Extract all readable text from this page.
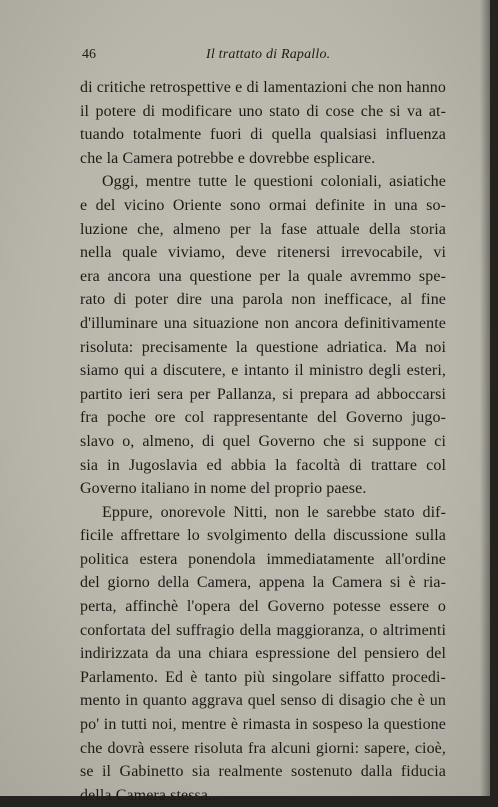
46	Il trattato di Rapallo.
di critiche retrospettive e di lamentazioni che non hanno
il potere di modificare uno stato di cose che si va at-
tuando totalmente fuori di quella qualsiasi influenza
che la Camera potrebbe e dovrebbe esplicare.
Oggi, mentre tutte le questioni coloniali, asiatiche
e del vicino Oriente sono ormai definite in una so-
luzione che, almeno per la fase attuale della storia
nella quale viviamo, deve ritenersi irrevocabile, vi
era ancora una questione per la quale avremmo spe-
rato di poter dire una parola non inefficace, al fine
d'illuminare una situazione non ancora definitivamente
risoluta: precisamente la questione adriatica. Ma noi
siamo qui a discutere, e intanto il ministro degli esteri,
partito ieri sera per Pallanza, si prepara ad abboccarsi
fra poche ore col rappresentante del Governo jugo-
slavo o, almeno, di quel Governo che si suppone ci
sia in Jugoslavia ed abbia la facoltà di trattare col
Governo italiano in nome del proprio paese.
Eppure, onorevole Nitti, non le sarebbe stato dif-
ficile affrettare lo svolgimento della discussione sulla
politica estera ponendola immediatamente all'ordine
del giorno della Camera, appena la Camera si è ria-
perta, affinchè l'opera del Governo potesse essere o
confortata del suffragio della maggioranza, o altrimenti
indirizzata da una chiara espressione del pensiero del
Parlamento. Ed è tanto più singolare siffatto procedi-
mento in quanto aggrava quel senso di disagio che è un
po' in tutti noi, mentre è rimasta in sospeso la questione
che dovrà essere risoluta fra alcuni giorni: sapere, cioè,
se il Gabinetto sia realmente sostenuto dalla fiducia
della Camera stessa...
